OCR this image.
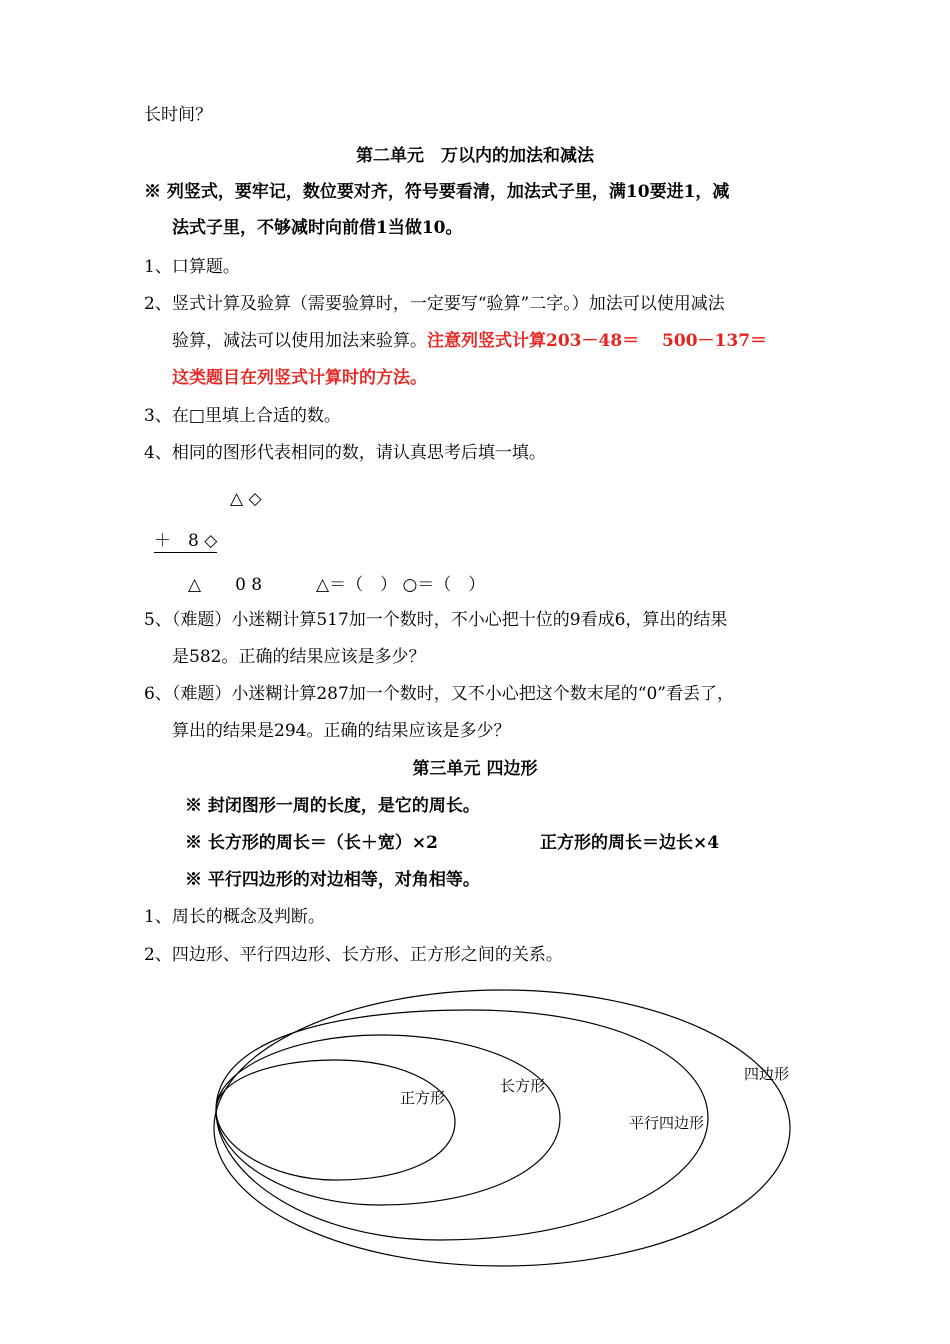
长时间？
第二单元　万以内的加法和减法
※ 列竖式，要牢记，数位要对齐，符号要看清，加法式子里，满10要进1，减
法式子里，不够减时向前借1当做10。
1、口算题。
2、竖式计算及验算（需要验算时，一定要写“验算”二字。）加法可以使用减法
验算，减法可以使用加法来验算。注意列竖式计算203－48＝　 500－137＝
这类题目在列竖式计算时的方法。
3、在□里填上合适的数。
4、相同的图形代表相同的数，请认真思考后填一填。
△ ◇
＋　8 ◇
△　　0 8	△＝（　） ○＝（　）
5、（难题）小迷糊计算517加一个数时，不小心把十位的9看成6，算出的结果
是582。正确的结果应该是多少？
6、（难题）小迷糊计算287加一个数时，又不小心把这个数末尾的“0”看丢了，
算出的结果是294。正确的结果应该是多少？
第三单元 四边形
※ 封闭图形一周的长度，是它的周长。
※ 长方形的周长＝（长＋宽）×2	正方形的周长＝边长×4
※ 平行四边形的对边相等，对角相等。
1、周长的概念及判断。
2、四边形、平行四边形、长方形、正方形之间的关系。
正方形
长方形
平行四边形
四边形
